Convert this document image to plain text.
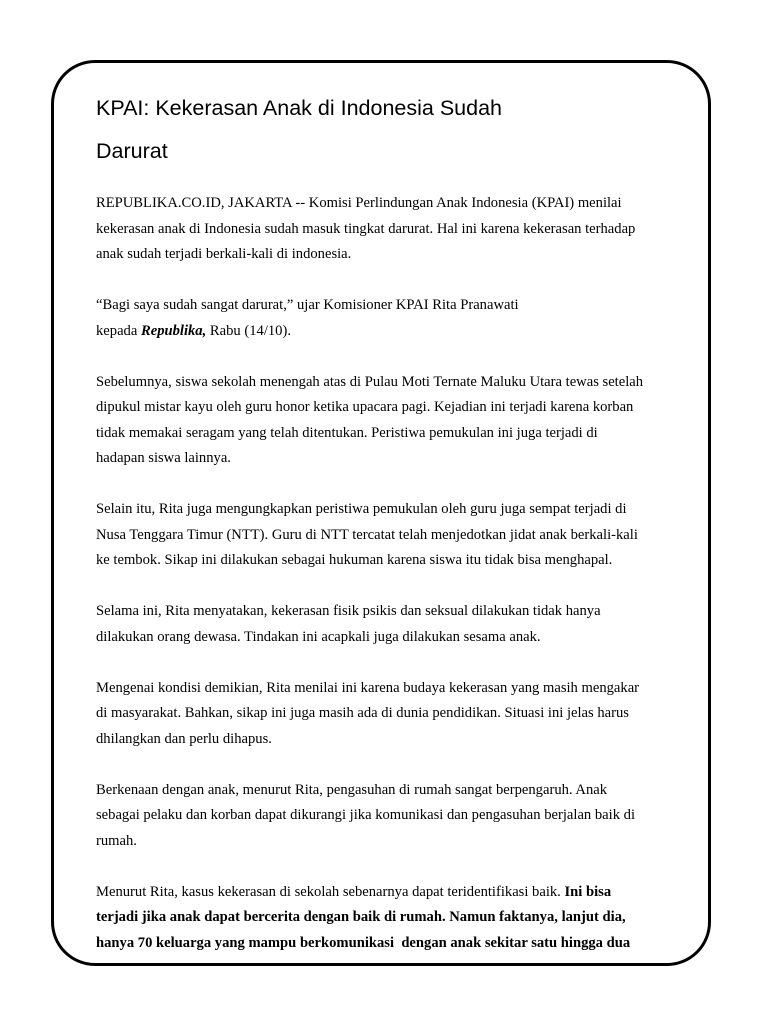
KPAI: Kekerasan Anak di Indonesia Sudah
Darurat

REPUBLIKA.CO.ID, JAKARTA -- Komisi Perlindungan Anak Indonesia (KPAI) menilai
kekerasan anak di Indonesia sudah masuk tingkat darurat. Hal ini karena kekerasan terhadap
anak sudah terjadi berkali-kali di indonesia.

“Bagi saya sudah sangat darurat,” ujar Komisioner KPAI Rita Pranawati
kepada Republika, Rabu (14/10).

Sebelumnya, siswa sekolah menengah atas di Pulau Moti Ternate Maluku Utara tewas setelah
dipukul mistar kayu oleh guru honor ketika upacara pagi. Kejadian ini terjadi karena korban
tidak memakai seragam yang telah ditentukan. Peristiwa pemukulan ini juga terjadi di
hadapan siswa lainnya.

Selain itu, Rita juga mengungkapkan peristiwa pemukulan oleh guru juga sempat terjadi di
Nusa Tenggara Timur (NTT). Guru di NTT tercatat telah menjedotkan jidat anak berkali-kali
ke tembok. Sikap ini dilakukan sebagai hukuman karena siswa itu tidak bisa menghapal.

Selama ini, Rita menyatakan, kekerasan fisik psikis dan seksual dilakukan tidak hanya
dilakukan orang dewasa. Tindakan ini acapkali juga dilakukan sesama anak.

Mengenai kondisi demikian, Rita menilai ini karena budaya kekerasan yang masih mengakar
di masyarakat. Bahkan, sikap ini juga masih ada di dunia pendidikan. Situasi ini jelas harus
dhilangkan dan perlu dihapus.

Berkenaan dengan anak, menurut Rita, pengasuhan di rumah sangat berpengaruh. Anak
sebagai pelaku dan korban dapat dikurangi jika komunikasi dan pengasuhan berjalan baik di
rumah.

Menurut Rita, kasus kekerasan di sekolah sebenarnya dapat teridentifikasi baik. Ini bisa
terjadi jika anak dapat bercerita dengan baik di rumah. Namun faktanya, lanjut dia,
hanya 70 keluarga yang mampu berkomunikasi  dengan anak sekitar satu hingga dua
